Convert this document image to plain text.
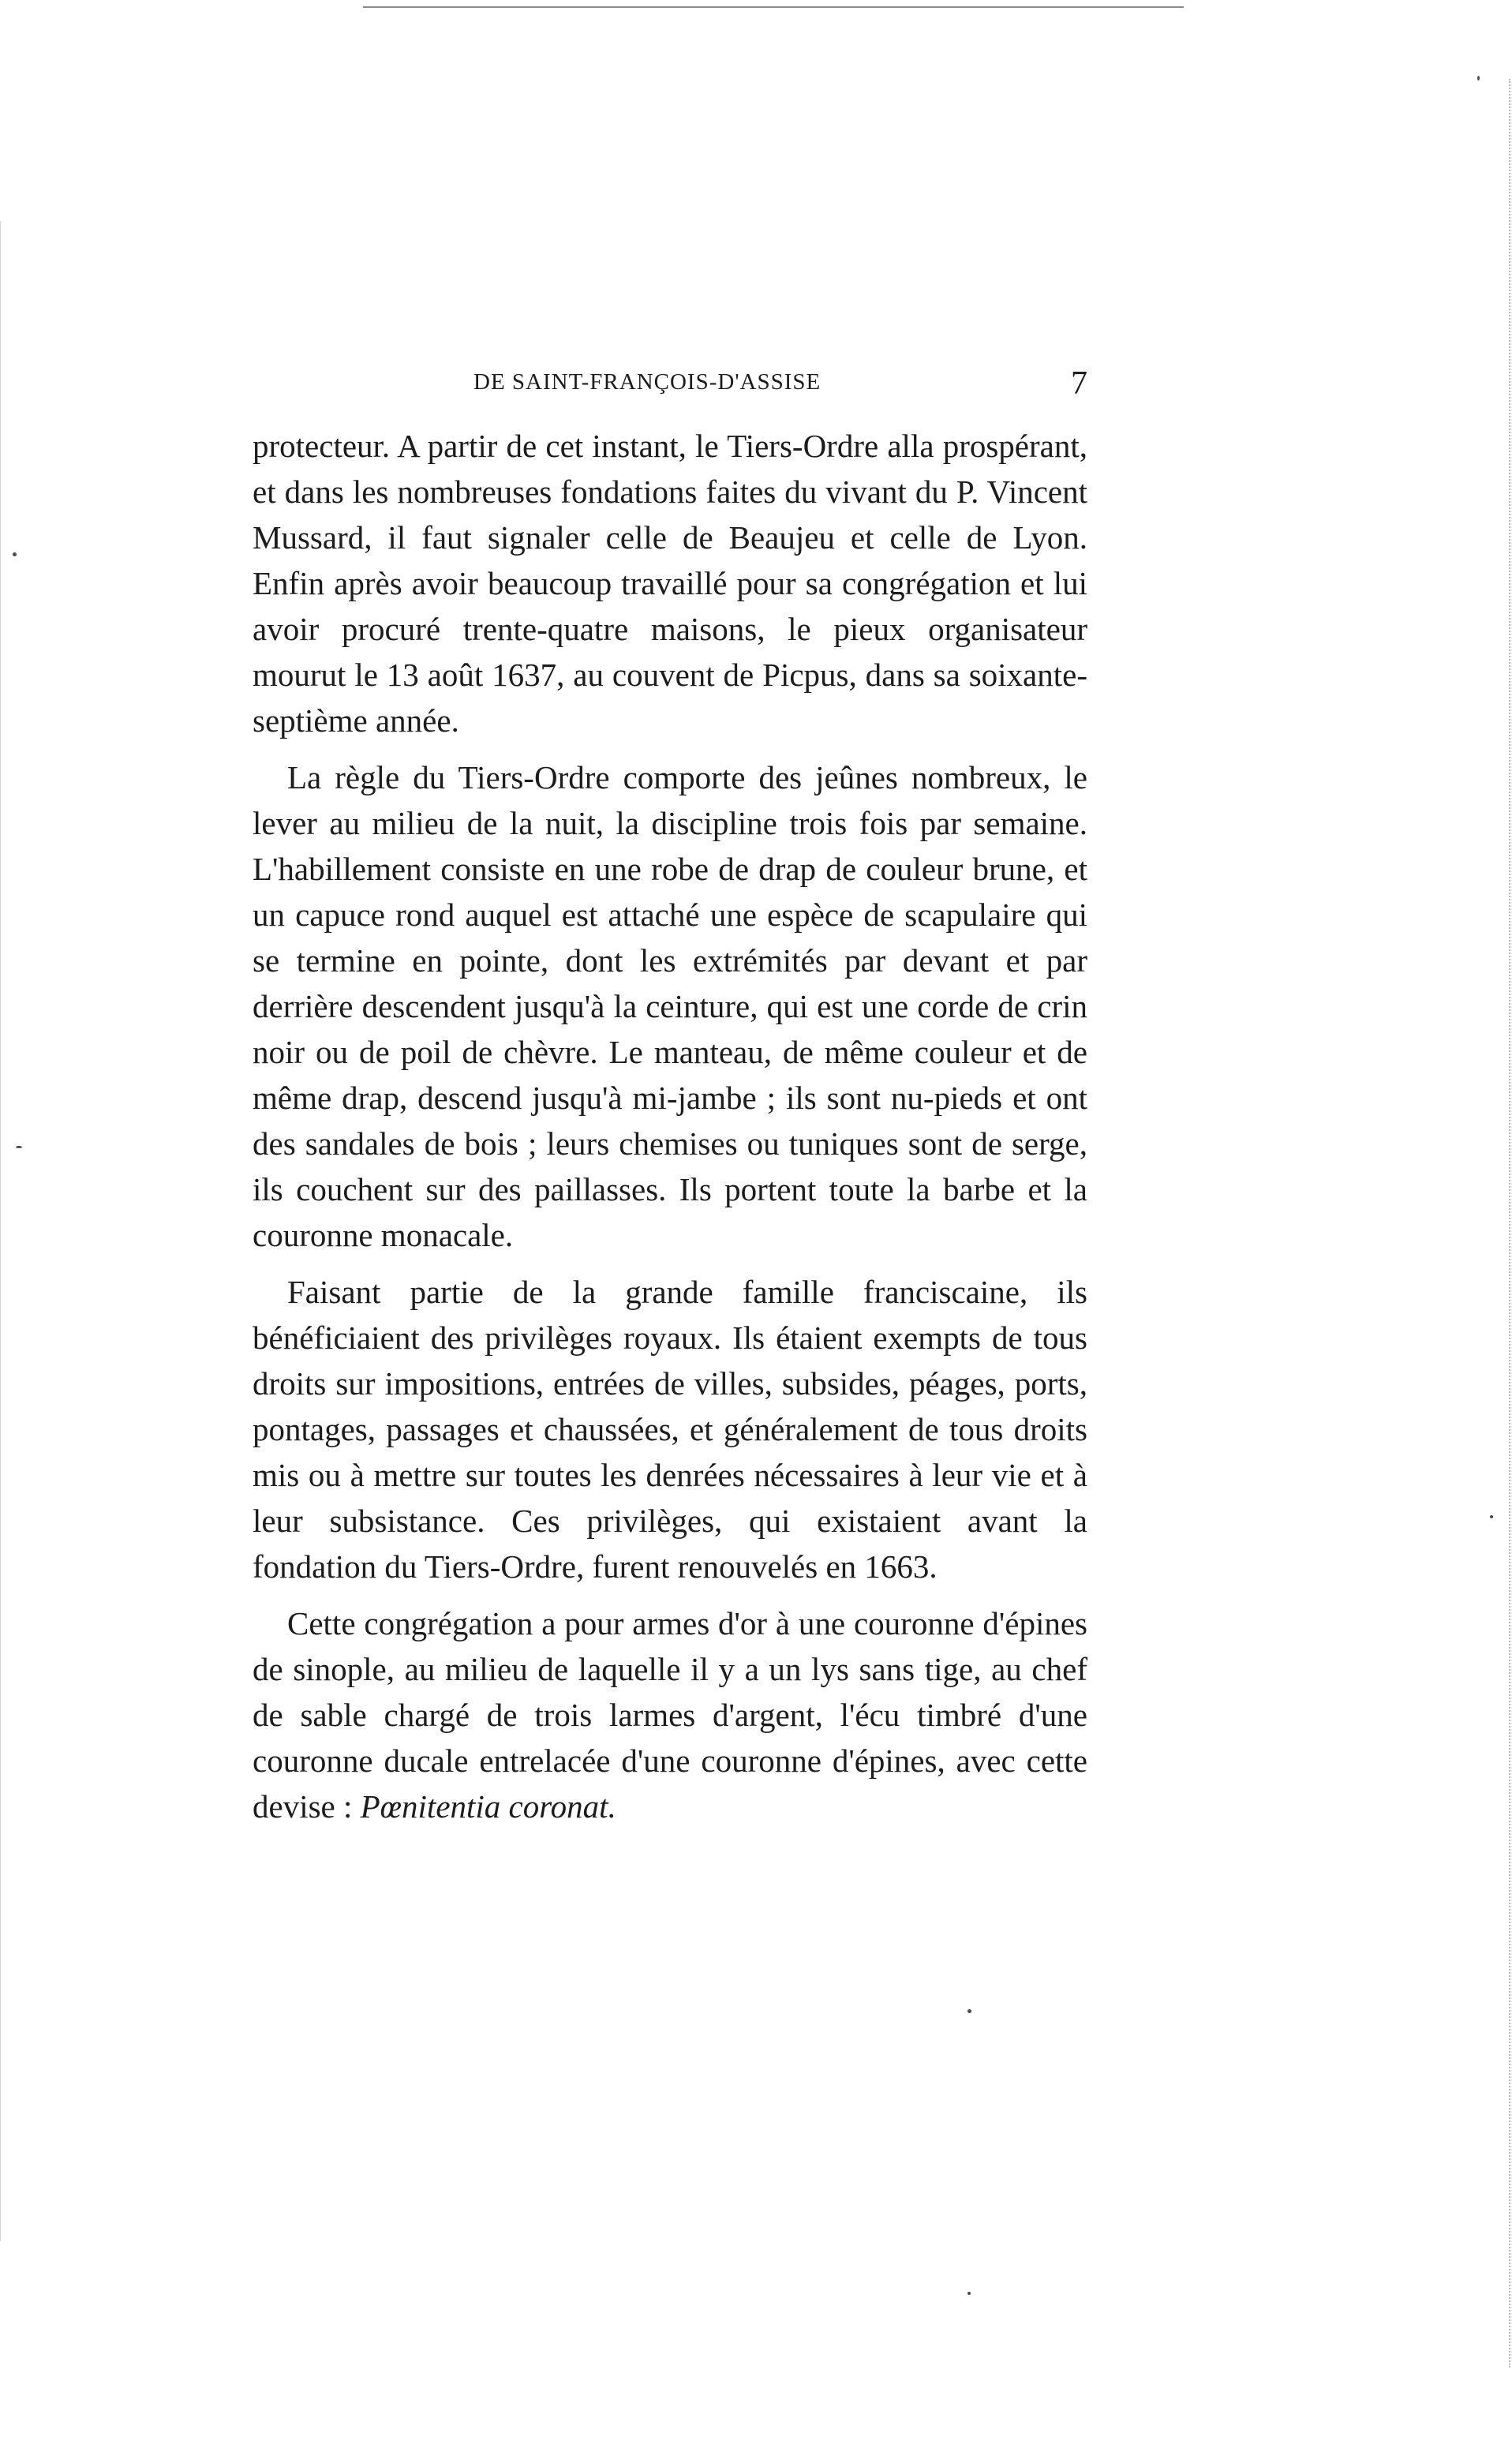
DE SAINT-FRANÇOIS-D'ASSISE	7

protecteur. A partir de cet instant, le Tiers-Ordre alla prospérant, et dans les nombreuses fondations faites du vivant du P. Vincent Mussard, il faut signaler celle de Beaujeu et celle de Lyon. Enfin après avoir beaucoup travaillé pour sa congrégation et lui avoir procuré trente-quatre maisons, le pieux organisateur mourut le 13 août 1637, au couvent de Picpus, dans sa soixante-septième année.

La règle du Tiers-Ordre comporte des jeûnes nombreux, le lever au milieu de la nuit, la discipline trois fois par semaine. L'habillement consiste en une robe de drap de couleur brune, et un capuce rond auquel est attaché une espèce de scapulaire qui se termine en pointe, dont les extrémités par devant et par derrière descendent jusqu'à la ceinture, qui est une corde de crin noir ou de poil de chèvre. Le manteau, de même couleur et de même drap, descend jusqu'à mi-jambe ; ils sont nu-pieds et ont des sandales de bois ; leurs chemises ou tuniques sont de serge, ils couchent sur des paillasses. Ils portent toute la barbe et la couronne monacale.

Faisant partie de la grande famille franciscaine, ils bénéficiaient des privilèges royaux. Ils étaient exempts de tous droits sur impositions, entrées de villes, subsides, péages, ports, pontages, passages et chaussées, et généralement de tous droits mis ou à mettre sur toutes les denrées nécessaires à leur vie et à leur subsistance. Ces privilèges, qui existaient avant la fondation du Tiers-Ordre, furent renouvelés en 1663.

Cette congrégation a pour armes d'or à une couronne d'épines de sinople, au milieu de laquelle il y a un lys sans tige, au chef de sable chargé de trois larmes d'argent, l'écu timbré d'une couronne ducale entrelacée d'une couronne d'épines, avec cette devise : Pœnitentia coronat.
